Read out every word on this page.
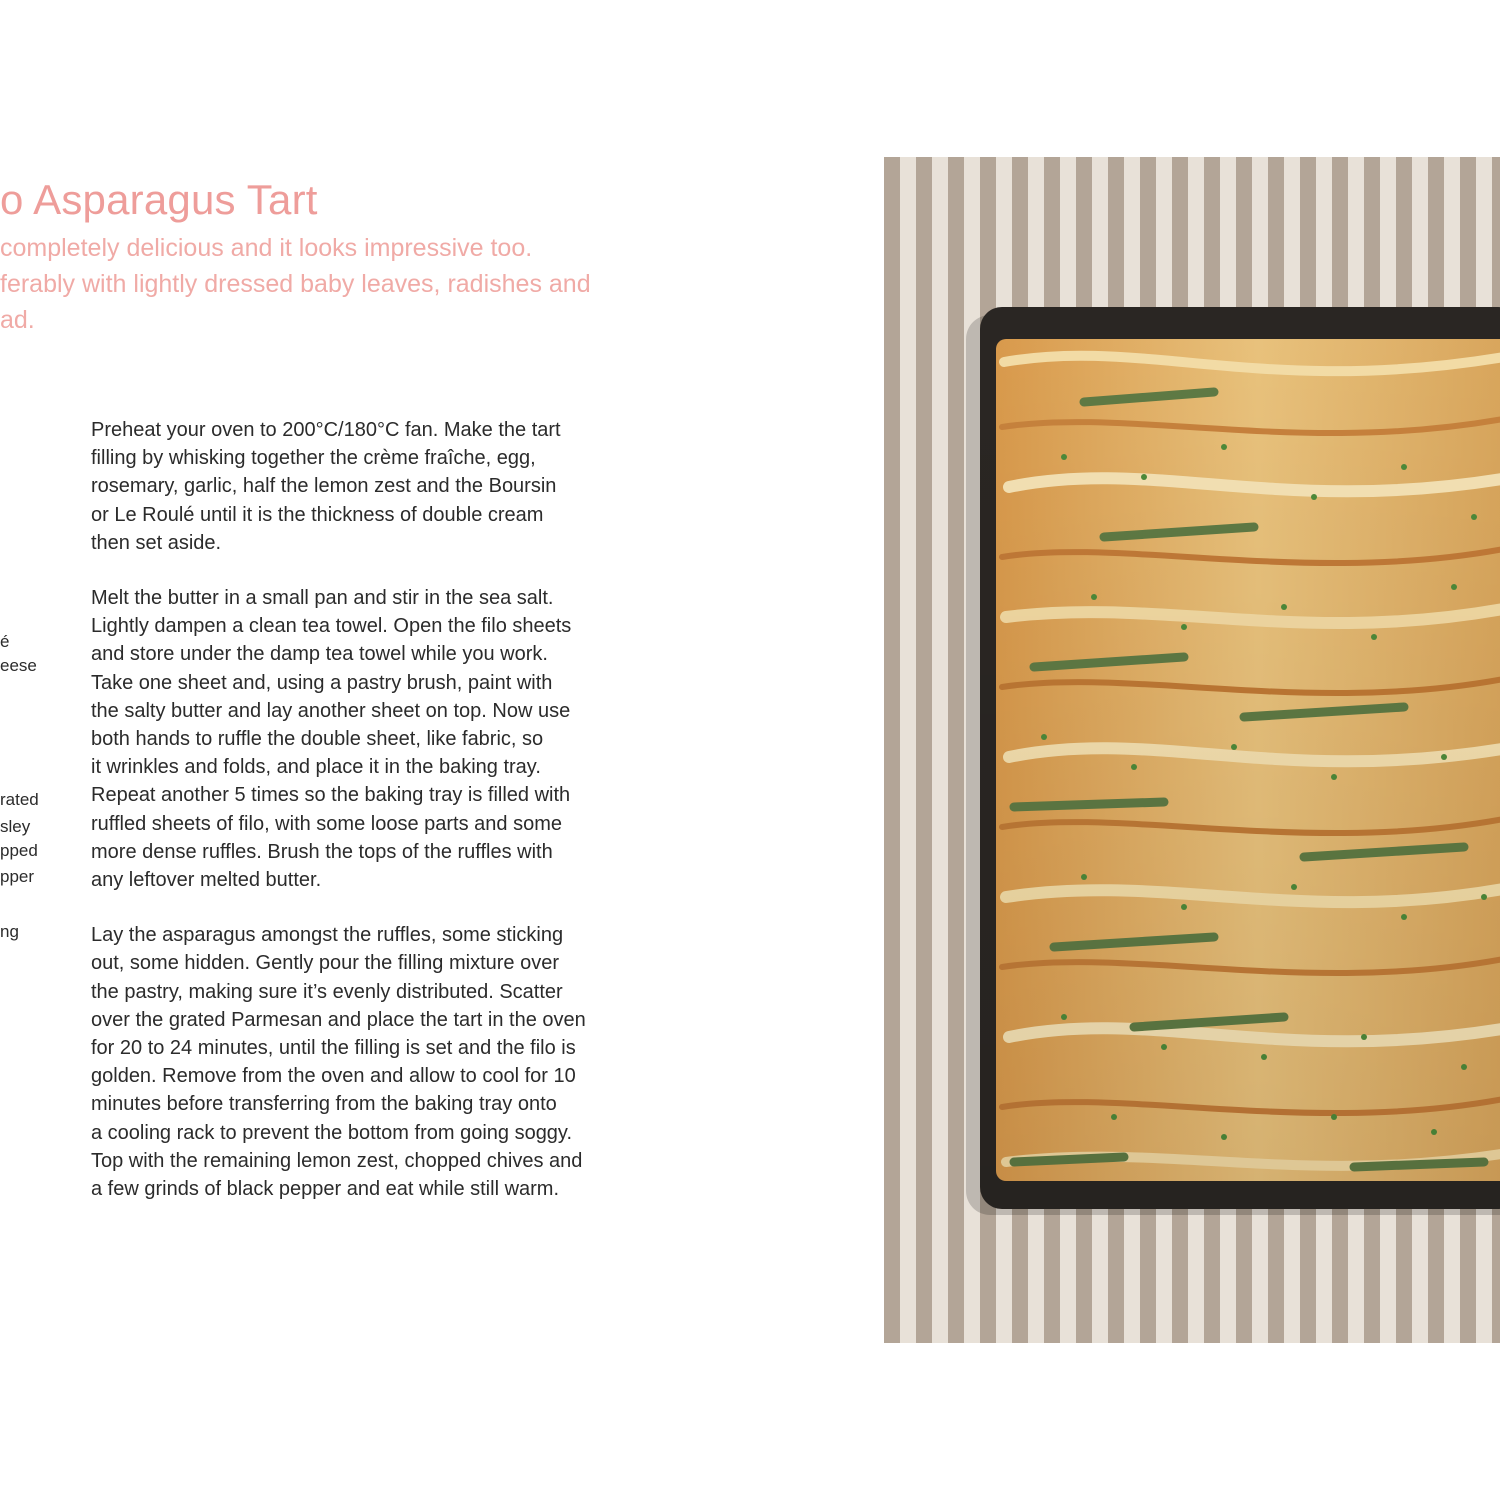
o Asparagus Tart
completely delicious and it looks impressive too.
ferably with lightly dressed baby leaves, radishes and
ad.
é
eese
rated
sley
pped
pper
ng

Preheat your oven to 200°C/180°C fan. Make the tart
filling by whisking together the crème fraîche, egg,
rosemary, garlic, half the lemon zest and the Boursin
or Le Roulé until it is the thickness of double cream
then set aside.

Melt the butter in a small pan and stir in the sea salt.
Lightly dampen a clean tea towel. Open the filo sheets
and store under the damp tea towel while you work.
Take one sheet and, using a pastry brush, paint with
the salty butter and lay another sheet on top. Now use
both hands to ruffle the double sheet, like fabric, so
it wrinkles and folds, and place it in the baking tray.
Repeat another 5 times so the baking tray is filled with
ruffled sheets of filo, with some loose parts and some
more dense ruffles. Brush the tops of the ruffles with
any leftover melted butter.

Lay the asparagus amongst the ruffles, some sticking
out, some hidden. Gently pour the filling mixture over
the pastry, making sure it’s evenly distributed. Scatter
over the grated Parmesan and place the tart in the oven
for 20 to 24 minutes, until the filling is set and the filo is
golden. Remove from the oven and allow to cool for 10
minutes before transferring from the baking tray onto
a cooling rack to prevent the bottom from going soggy.
Top with the remaining lemon zest, chopped chives and
a few grinds of black pepper and eat while still warm.
